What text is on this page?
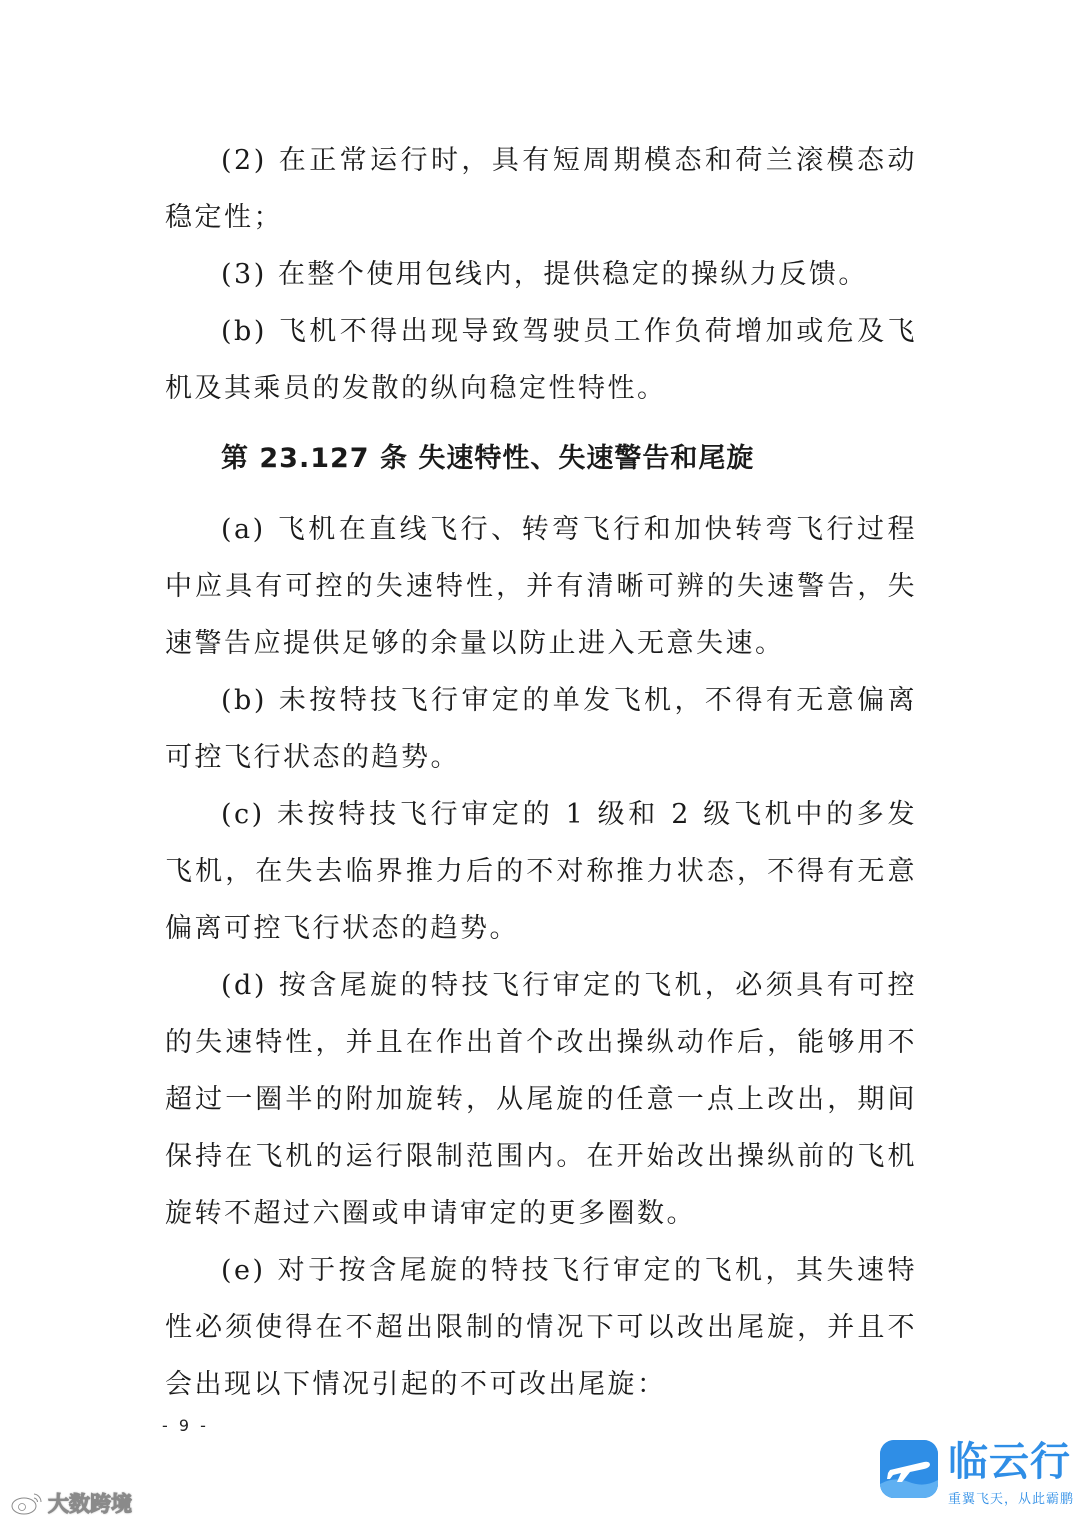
(2) 在正常运行时，具有短周期模态和荷兰滚模态动稳定性；

(3) 在整个使用包线内，提供稳定的操纵力反馈。

(b) 飞机不得出现导致驾驶员工作负荷增加或危及飞机及其乘员的发散的纵向稳定性特性。

第 23.127 条 失速特性、失速警告和尾旋

(a) 飞机在直线飞行、转弯飞行和加快转弯飞行过程中应具有可控的失速特性，并有清晰可辨的失速警告，失速警告应提供足够的余量以防止进入无意失速。

(b) 未按特技飞行审定的单发飞机，不得有无意偏离可控飞行状态的趋势。

(c) 未按特技飞行审定的 1 级和 2 级飞机中的多发飞机，在失去临界推力后的不对称推力状态，不得有无意偏离可控飞行状态的趋势。

(d) 按含尾旋的特技飞行审定的飞机，必须具有可控的失速特性，并且在作出首个改出操纵动作后，能够用不超过一圈半的附加旋转，从尾旋的任意一点上改出，期间保持在飞机的运行限制范围内。在开始改出操纵前的飞机旋转不超过六圈或申请审定的更多圈数。

(e) 对于按含尾旋的特技飞行审定的飞机，其失速特性必须使得在不超出限制的情况下可以改出尾旋，并且不会出现以下情况引起的不可改出尾旋：

- 9 -
大数跨境
临云行
重翼飞天，从此霸鹏
